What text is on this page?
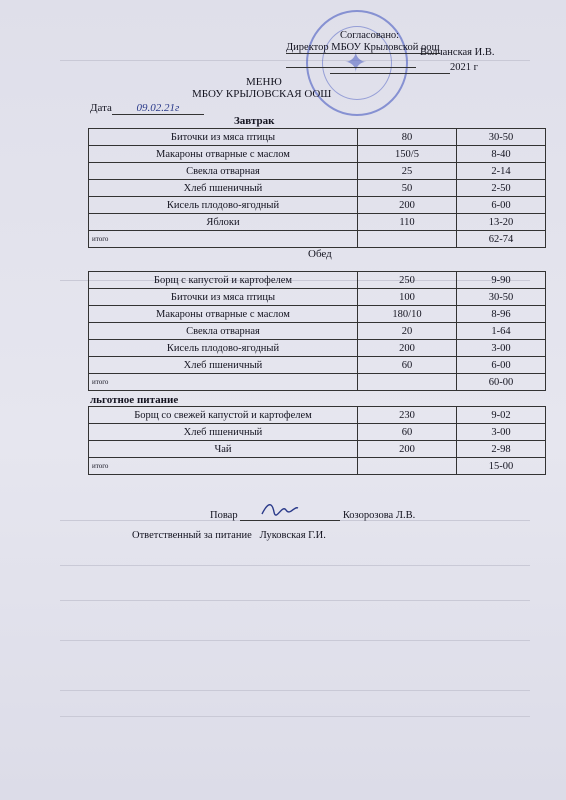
✦
Согласовано:
Директор МБОУ Крыловской оош

Волчанская И.В.
2021 г
МЕНЮ
МБОУ КРЫЛОВСКАЯ ООШ
Дата 09.02.21г
Завтрак
Биточки из мяса птицы	80	30-50
Макароны отварные с маслом	150/5	8-40
Свекла отварная	25	2-14
Хлеб пшеничный	50	2-50
Кисель плодово-ягодный	200	6-00
Яблоки	110	13-20
итого		62-74
Обед
Борщ с капустой и картофелем	250	9-90
Биточки из мяса птицы	100	30-50
Макароны отварные с маслом	180/10	8-96
Свекла отварная	20	1-64
Кисель плодово-ягодный	200	3-00
Хлеб пшеничный	60	6-00
итого		60-00
льготное питание
Борщ со свежей капустой и картофелем	230	9-02
Хлеб пшеничный	60	3-00
Чай	200	2-98
итого		15-00
Повар	Козорозова Л.В.
Ответственный за питание Луковская Г.И.
